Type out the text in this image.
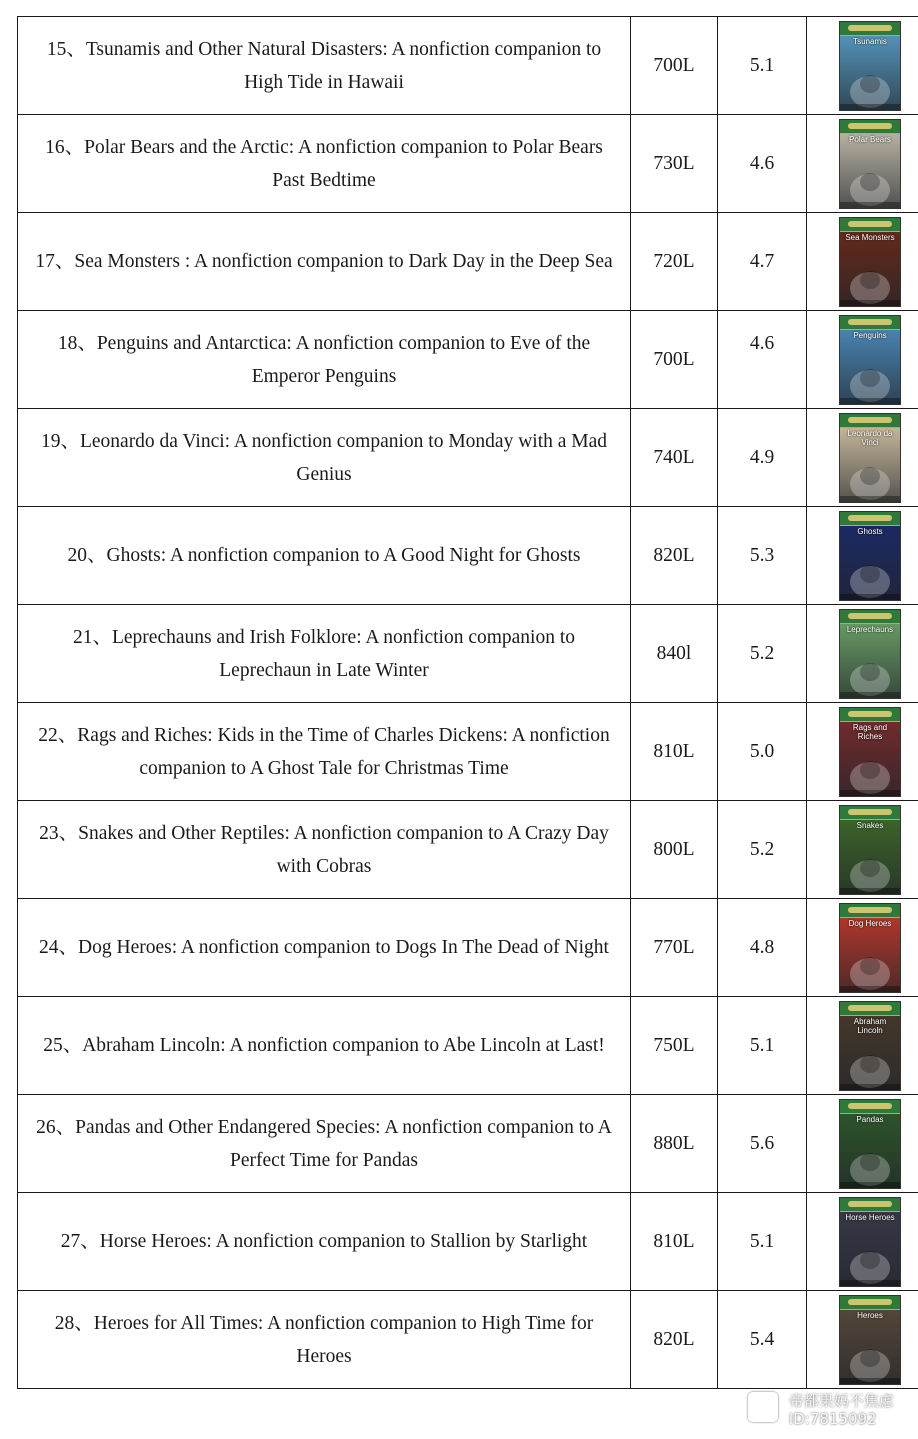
15、Tsunamis and Other Natural Disasters: A nonfiction companion to High Tide in Hawaii	700L	5.1	Tsunamis

16、Polar Bears and the Arctic: A nonfiction companion to Polar Bears Past Bedtime	730L	4.6	Polar Bears

17、Sea Monsters : A nonfiction companion to Dark Day in the Deep Sea	720L	4.7	Sea Monsters

18、Penguins and Antarctica: A nonfiction companion to Eve of the Emperor Penguins	700L	4.6	Penguins

19、Leonardo da Vinci: A nonfiction companion to Monday with a Mad Genius	740L	4.9	Leonardo da Vinci

20、Ghosts: A nonfiction companion to A Good Night for Ghosts	820L	5.3	Ghosts

21、Leprechauns and Irish Folklore: A nonfiction companion to Leprechaun in Late Winter	840l	5.2	Leprechauns

22、Rags and Riches: Kids in the Time of Charles Dickens: A nonfiction companion to A Ghost Tale for Christmas Time	810L	5.0	Rags and Riches

23、Snakes and Other Reptiles: A nonfiction companion to A Crazy Day with Cobras	800L	5.2	Snakes

24、Dog Heroes: A nonfiction companion to Dogs In The Dead of Night	770L	4.8	Dog Heroes

25、Abraham Lincoln: A nonfiction companion to Abe Lincoln at Last!	750L	5.1	Abraham Lincoln

26、Pandas and Other Endangered Species: A nonfiction companion to A Perfect Time for Pandas	880L	5.6	Pandas

27、Horse Heroes: A nonfiction companion to Stallion by Starlight	810L	5.1	Horse Heroes

28、Heroes for All Times: A nonfiction companion to High Time for Heroes	820L	5.4	Heroes
帝都果妈不焦虑
ID:7815092
